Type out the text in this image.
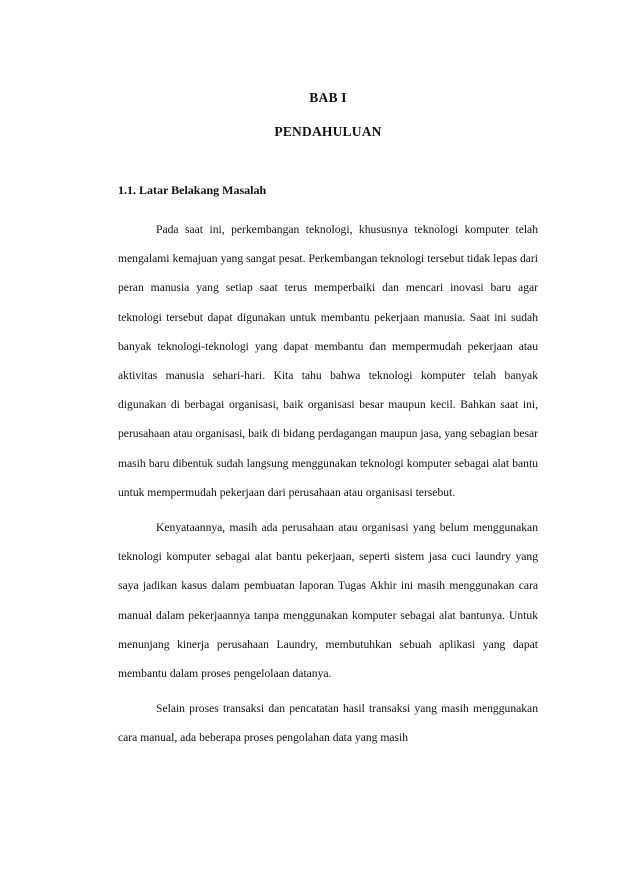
BAB I
PENDAHULUAN
1.1. Latar Belakang Masalah

Pada saat ini, perkembangan teknologi, khususnya teknologi komputer telah mengalami kemajuan yang sangat pesat. Perkembangan teknologi tersebut tidak lepas dari peran manusia yang setiap saat terus memperbaiki dan mencari inovasi baru agar teknologi tersebut dapat digunakan untuk membantu pekerjaan manusia. Saat ini sudah banyak teknologi-teknologi yang dapat membantu dan mempermudah pekerjaan atau aktivitas manusia sehari-hari. Kita tahu bahwa teknologi komputer telah banyak digunakan di berbagai organisasi, baik organisasi besar maupun kecil. Bahkan saat ini, perusahaan atau organisasi, baik di bidang perdagangan maupun jasa, yang sebagian besar masih baru dibentuk sudah langsung menggunakan teknologi komputer sebagai alat bantu untuk mempermudah pekerjaan dari perusahaan atau organisasi tersebut.

Kenyataannya, masih ada perusahaan atau organisasi yang belum menggunakan teknologi komputer sebagai alat bantu pekerjaan, seperti sistem jasa cuci laundry yang saya jadikan kasus dalam pembuatan laporan Tugas Akhir ini masih menggunakan cara manual dalam pekerjaannya tanpa menggunakan komputer sebagai alat bantunya. Untuk menunjang kinerja perusahaan Laundry, membutuhkan sebuah aplikasi yang dapat membantu dalam proses pengelolaan datanya.

Selain proses transaksi dan pencatatan hasil transaksi yang masih menggunakan cara manual, ada beberapa proses pengolahan data yang masih
